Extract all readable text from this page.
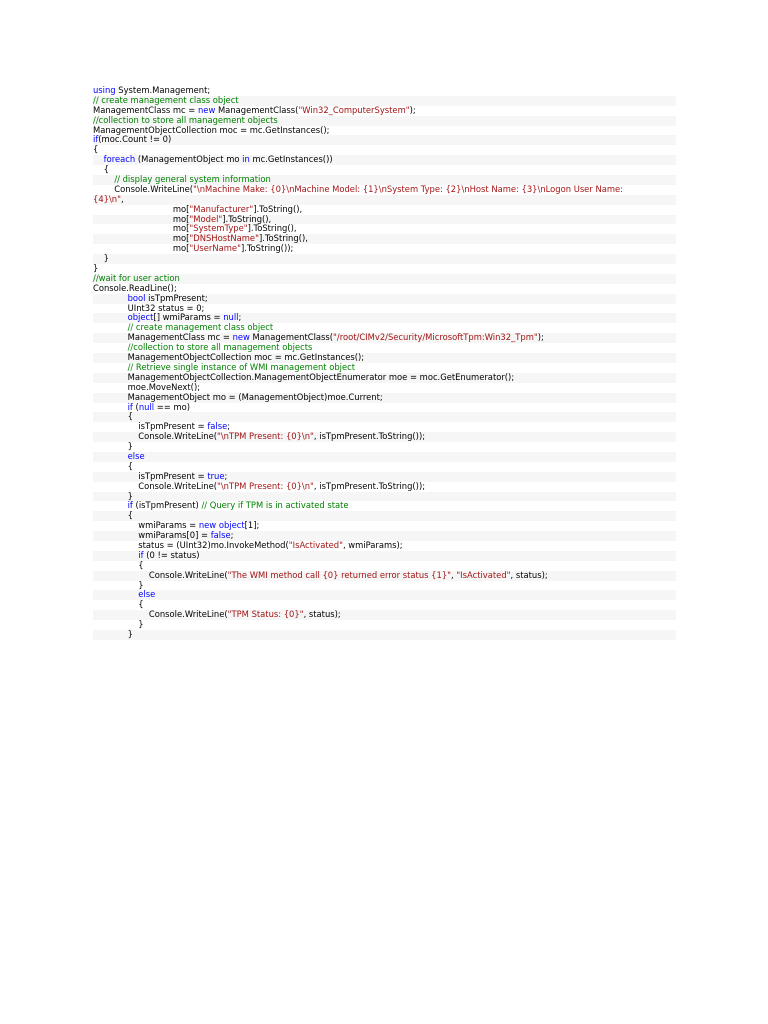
using System.Management;
// create management class object
ManagementClass mc = new ManagementClass("Win32_ComputerSystem");
//collection to store all management objects
ManagementObjectCollection moc = mc.GetInstances();
if(moc.Count != 0)
{
foreach (ManagementObject mo in mc.GetInstances())
{
// display general system information
Console.WriteLine("\nMachine Make: {0}\nMachine Model: {1}\nSystem Type: {2}\nHost Name: {3}\nLogon User Name:
{4}\n",
mo["Manufacturer"].ToString(),
mo["Model"].ToString(),
mo["SystemType"].ToString(),
mo["DNSHostName"].ToString(),
mo["UserName"].ToString());
}
}
//wait for user action
Console.ReadLine();
bool isTpmPresent;
UInt32 status = 0;
object[] wmiParams = null;
// create management class object
ManagementClass mc = new ManagementClass("/root/CIMv2/Security/MicrosoftTpm:Win32_Tpm");
//collection to store all management objects
ManagementObjectCollection moc = mc.GetInstances();
// Retrieve single instance of WMI management object
ManagementObjectCollection.ManagementObjectEnumerator moe = moc.GetEnumerator();
moe.MoveNext();
ManagementObject mo = (ManagementObject)moe.Current;
if (null == mo)
{
isTpmPresent = false;
Console.WriteLine("\nTPM Present: {0}\n", isTpmPresent.ToString());
}
else
{
isTpmPresent = true;
Console.WriteLine("\nTPM Present: {0}\n", isTpmPresent.ToString());
}
if (isTpmPresent) // Query if TPM is in activated state
{
wmiParams = new object[1];
wmiParams[0] = false;
status = (UInt32)mo.InvokeMethod("IsActivated", wmiParams);
if (0 != status)
{
Console.WriteLine("The WMI method call {0} returned error status {1}", "IsActivated", status);
}
else
{
Console.WriteLine("TPM Status: {0}", status);
}
}
